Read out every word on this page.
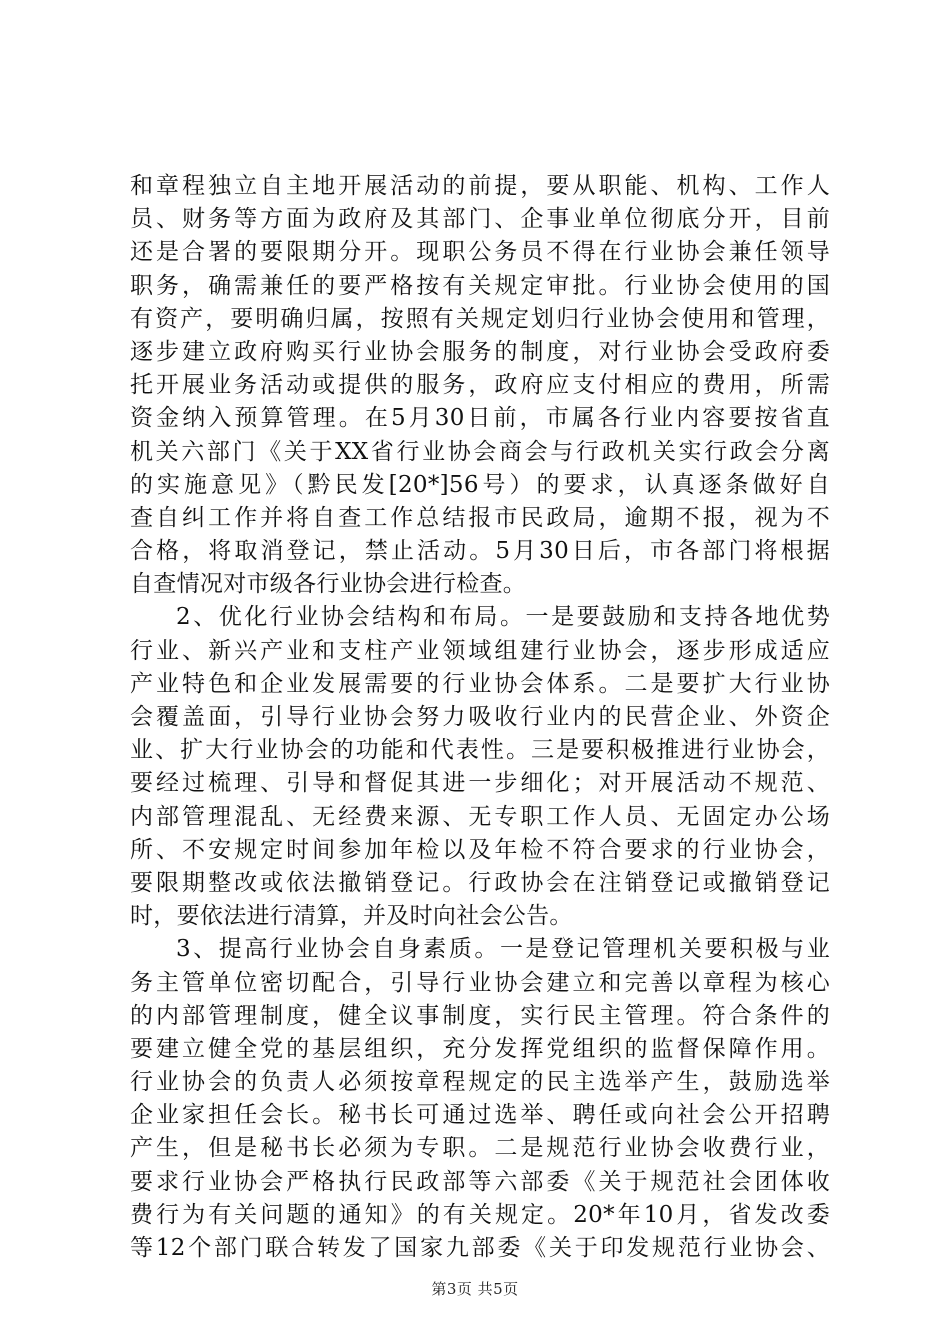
和章程独立自主地开展活动的前提，要从职能、机构、工作人
员、财务等方面为政府及其部门、企事业单位彻底分开，目前
还是合署的要限期分开。现职公务员不得在行业协会兼任领导
职务，确需兼任的要严格按有关规定审批。行业协会使用的国
有资产，要明确归属，按照有关规定划归行业协会使用和管理，
逐步建立政府购买行业协会服务的制度，对行业协会受政府委
托开展业务活动或提供的服务，政府应支付相应的费用，所需
资金纳入预算管理。在5月30日前，市属各行业内容要按省直
机关六部门《关于XX省行业协会商会与行政机关实行政会分离
的实施意见》（黔民发[20*]56号）的要求，认真逐条做好自
查自纠工作并将自查工作总结报市民政局，逾期不报，视为不
合格，将取消登记，禁止活动。5月30日后，市各部门将根据
自查情况对市级各行业协会进行检查。
2、优化行业协会结构和布局。一是要鼓励和支持各地优势
行业、新兴产业和支柱产业领域组建行业协会，逐步形成适应
产业特色和企业发展需要的行业协会体系。二是要扩大行业协
会覆盖面，引导行业协会努力吸收行业内的民营企业、外资企
业、扩大行业协会的功能和代表性。三是要积极推进行业协会，
要经过梳理、引导和督促其进一步细化；对开展活动不规范、
内部管理混乱、无经费来源、无专职工作人员、无固定办公场
所、不安规定时间参加年检以及年检不符合要求的行业协会，
要限期整改或依法撤销登记。行政协会在注销登记或撤销登记
时，要依法进行清算，并及时向社会公告。
3、提高行业协会自身素质。一是登记管理机关要积极与业
务主管单位密切配合，引导行业协会建立和完善以章程为核心
的内部管理制度，健全议事制度，实行民主管理。符合条件的
要建立健全党的基层组织，充分发挥党组织的监督保障作用。
行业协会的负责人必须按章程规定的民主选举产生，鼓励选举
企业家担任会长。秘书长可通过选举、聘任或向社会公开招聘
产生，但是秘书长必须为专职。二是规范行业协会收费行业，
要求行业协会严格执行民政部等六部委《关于规范社会团体收
费行为有关问题的通知》的有关规定。20*年10月，省发改委
等12个部门联合转发了国家九部委《关于印发规范行业协会、
第3页 共5页
